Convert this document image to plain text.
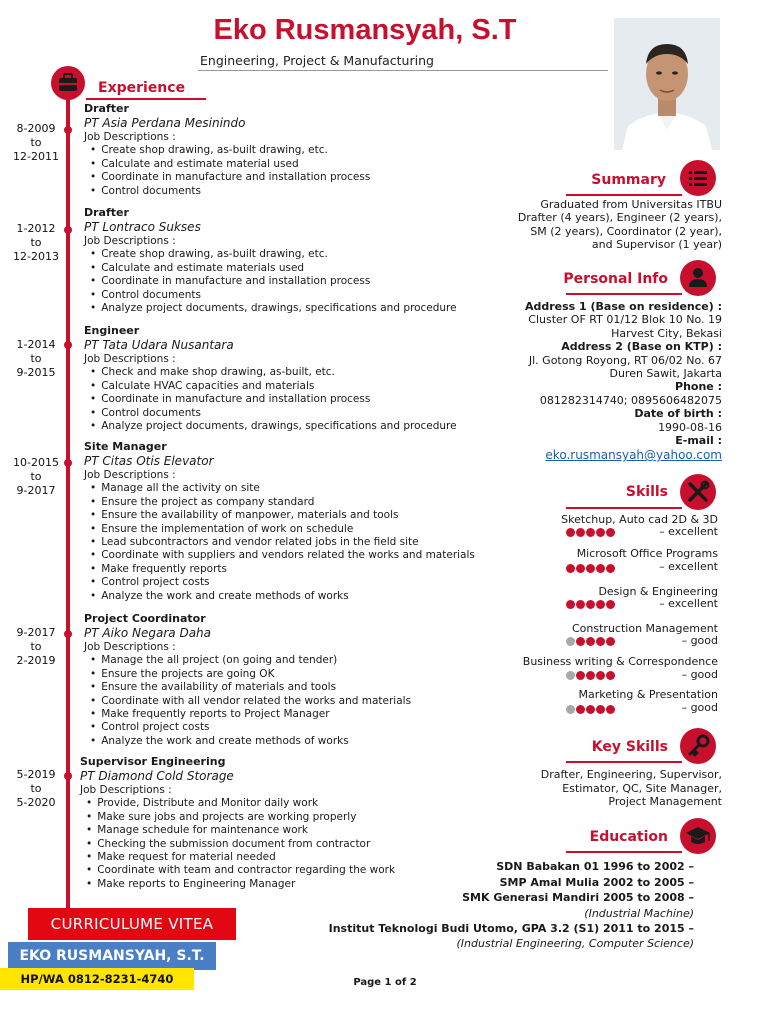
Eko Rusmansyah, S.T
Engineering, Project & Manufacturing
Experience
8-2009
to
12-2011
Drafter
PT Asia Perdana Mesinindo
Job Descriptions :
• Create shop drawing, as-built drawing, etc.
• Calculate and estimate material used
• Coordinate in manufacture and installation process
• Control documents
1-2012
to
12-2013
Drafter
PT Lontraco Sukses
Job Descriptions :
• Create shop drawing, as-built drawing, etc.
• Calculate and estimate materials used
• Coordinate in manufacture and installation process
• Control documents
• Analyze project documents, drawings, specifications and procedure
1-2014
to
9-2015
Engineer
PT Tata Udara Nusantara
Job Descriptions :
• Check and make shop drawing, as-built, etc.
• Calculate HVAC capacities and materials
• Coordinate in manufacture and installation process
• Control documents
• Analyze project documents, drawings, specifications and procedure
10-2015
to
9-2017
Site Manager
PT Citas Otis Elevator
Job Descriptions :
• Manage all the activity on site
• Ensure the project as company standard
• Ensure the availability of manpower, materials and tools
• Ensure the implementation of work on schedule
• Lead subcontractors and vendor related jobs in the field site
• Coordinate with suppliers and vendors related the works and materials
• Make frequently reports
• Control project costs
• Analyze the work and create methods of works
9-2017
to
2-2019
Project Coordinator
PT Aiko Negara Daha
Job Descriptions :
• Manage the all project (on going and tender)
• Ensure the projects are going OK
• Ensure the availability of materials and tools
• Coordinate with all vendor related the works and materials
• Make frequently reports to Project Manager
• Control project costs
• Analyze the work and create methods of works
5-2019
to
5-2020
Supervisor Engineering
PT Diamond Cold Storage
Job Descriptions :
• Provide, Distribute and Monitor daily work
• Make sure jobs and projects are working properly
• Manage schedule for maintenance work
• Checking the submission document from contractor
• Make request for material needed
• Coordinate with team and contractor regarding the work
• Make reports to Engineering Manager
Summary
Graduated from Universitas ITBU
Drafter (4 years), Engineer (2 years),
SM (2 years), Coordinator (2 year),
and Supervisor (1 year)
Personal Info
Address 1 (Base on residence) :
Cluster OF RT 01/12 Blok 10 No. 19
Harvest City, Bekasi
Address 2 (Base on KTP) :
Jl. Gotong Royong, RT 06/02 No. 67
Duren Sawit, Jakarta
Phone :
081282314740; 0895606482075
Date of birth :
1990-08-16
E-mail :
eko.rusmansyah@yahoo.com
Skills
Sketchup, Auto cad 2D & 3D
– excellent
Microsoft Office Programs
– excellent
Design & Engineering
– excellent
Construction Management
– good
Business writing & Correspondence
– good
Marketing & Presentation
– good
Key Skills
Drafter, Engineering, Supervisor,
Estimator, QC, Site Manager,
Project Management
Education
SDN Babakan 01 1996 to 2002 –
SMP Amal Mulia 2002 to 2005 –
SMK Generasi Mandiri 2005 to 2008 –
(Industrial Machine)
Institut Teknologi Budi Utomo, GPA 3.2 (S1) 2011 to 2015 –
(Industrial Engineering, Computer Science)
CURRICULUME VITEA
EKO RUSMANSYAH, S.T.
HP/WA 0812-8231-4740	Page 1 of 2
